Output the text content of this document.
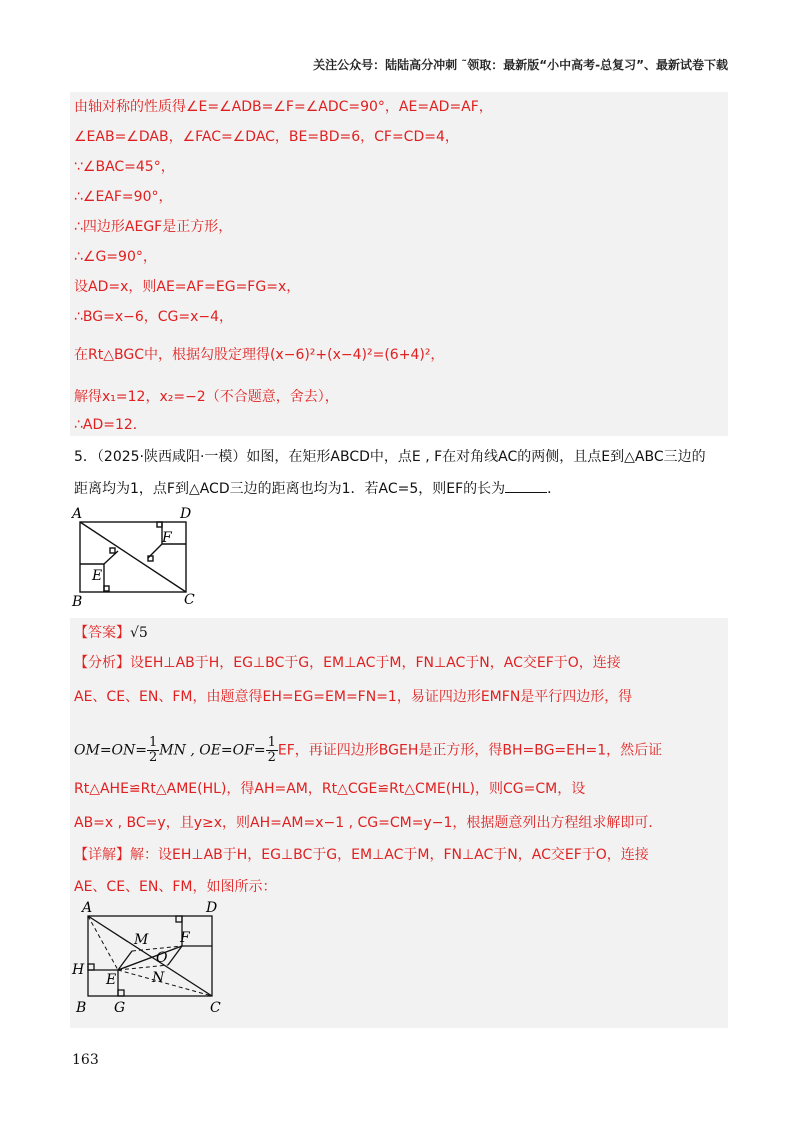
关注公众号：陆陆高分冲刺 ˜领取：最新版“小中高考-总复习”、最新试卷下载
由轴对称的性质得∠E=∠ADB=∠F=∠ADC=90°，AE=AD=AF，
∠EAB=∠DAB，∠FAC=∠DAC，BE=BD=6，CF=CD=4，
∵∠BAC=45°，
∴∠EAF=90°，
∴四边形AEGF是正方形，
∴∠G=90°，
设AD=x，则AE=AF=EG=FG=x，
∴BG=x−6，CG=x−4，
在Rt△BGC中，根据勾股定理得(x−6)²+(x−4)²=(6+4)²，
解得x₁=12，x₂=−2（不合题意，舍去），
∴AD=12．
5．（2025·陕西咸阳·一模）如图，在矩形ABCD中，点E , F在对角线AC的两侧，且点E到△ABC三边的
距离均为1，点F到△ACD三边的距离也均为1．若AC=5，则EF的长为	．
A	D
B	C
E
F
【答案】√5
【分析】设EH⊥AB于H，EG⊥BC于G，EM⊥AC于M，FN⊥AC于N，AC交EF于O，连接
AE、CE、EN、FM，由题意得EH=EG=EM=FN=1，易证四边形EMFN是平行四边形，得
$OM=ON= \frac{1}{2}$ MN , $OE=OF= \frac{1}{2}$ EF，再证四边形BGEH是正方形，得BH=BG=EH=1，然后证
Rt△AHE≌Rt△AME(HL)，得AH=AM，Rt△CGE≌Rt△CME(HL)，则CG=CM，设
AB=x , BC=y，且y≥x，则AH=AM=x−1 , CG=CM=y−1，根据题意列出方程组求解即可．
【详解】解：设EH⊥AB于H，EG⊥BC于G，EM⊥AC于M，FN⊥AC于N，AC交EF于O，连接
AE、CE、EN、FM，如图所示：
A	D
M F
O
H
E	N
B G	C
163
